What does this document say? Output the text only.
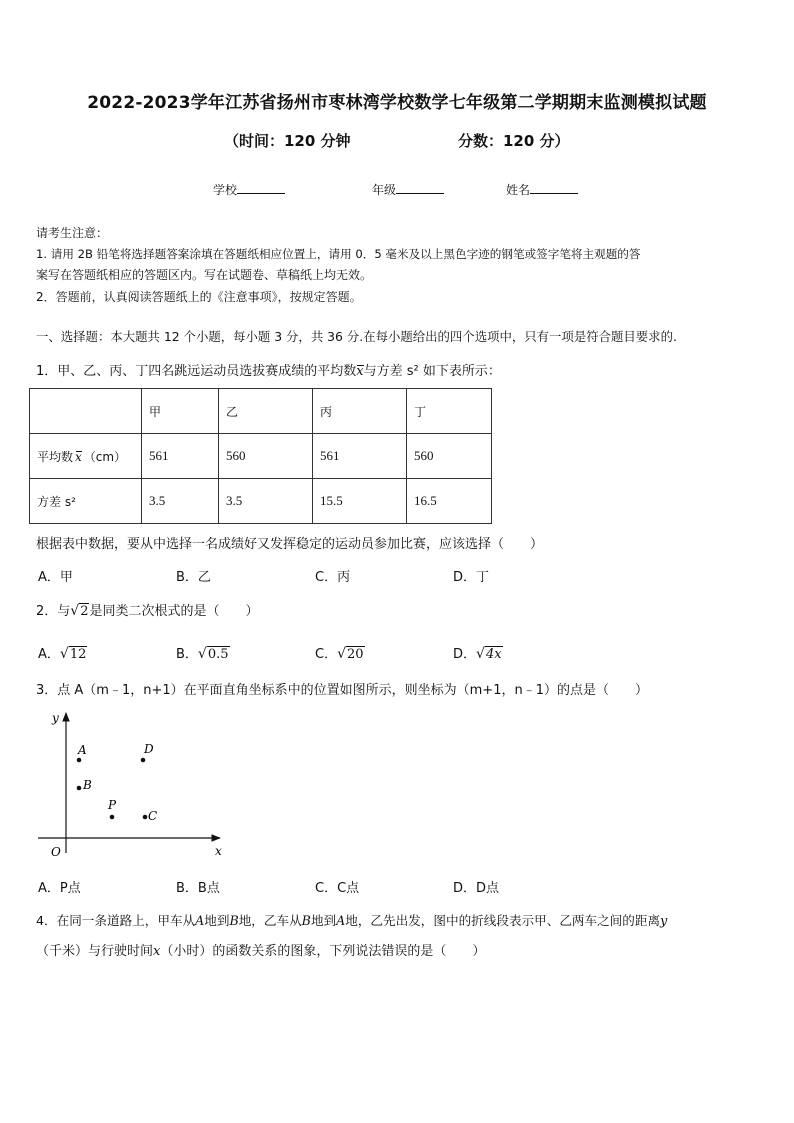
2022-2023学年江苏省扬州市枣林湾学校数学七年级第二学期期末监测模拟试题
（时间：120 分钟	分数：120 分）
学校	年级	姓名
请考生注意：
1. 请用 2B 铅笔将选择题答案涂填在答题纸相应位置上，请用 0．5 毫米及以上黑色字迹的钢笔或签字笔将主观题的答
案写在答题纸相应的答题区内。写在试题卷、草稿纸上均无效。
2．答题前，认真阅读答题纸上的《注意事项》，按规定答题。
一、选择题：本大题共 12 个小题，每小题 3 分，共 36 分.在每小题给出的四个选项中，只有一项是符合题目要求的.
1．甲、乙、丙、丁四名跳远运动员选拔赛成绩的平均数x与方差 s² 如下表所示：
	甲	乙	丙	丁
平均数 x （cm）	561	560	561	560
方差 s²	3.5	3.5	15.5	16.5
根据表中数据，要从中选择一名成绩好又发挥稳定的运动员参加比赛，应该选择（　　）
A．甲	B．乙	C．丙	D．丁
2．与√2是同类二次根式的是（　　）
A．√12	B．√0.5	C．√20	D．√4x
3．点 A（m﹣1，n+1）在平面直角坐标系中的位置如图所示，则坐标为（m+1，n﹣1）的点是（　　）
y
x
O
A
B
P
C
D
A．P点	B．B点	C．C点	D．D点
4．在同一条道路上，甲车从A地到B地，乙车从B地到A地，乙先出发，图中的折线段表示甲、乙两车之间的距离y
（千米）与行驶时间x（小时）的函数关系的图象，下列说法错误的是（　　）
